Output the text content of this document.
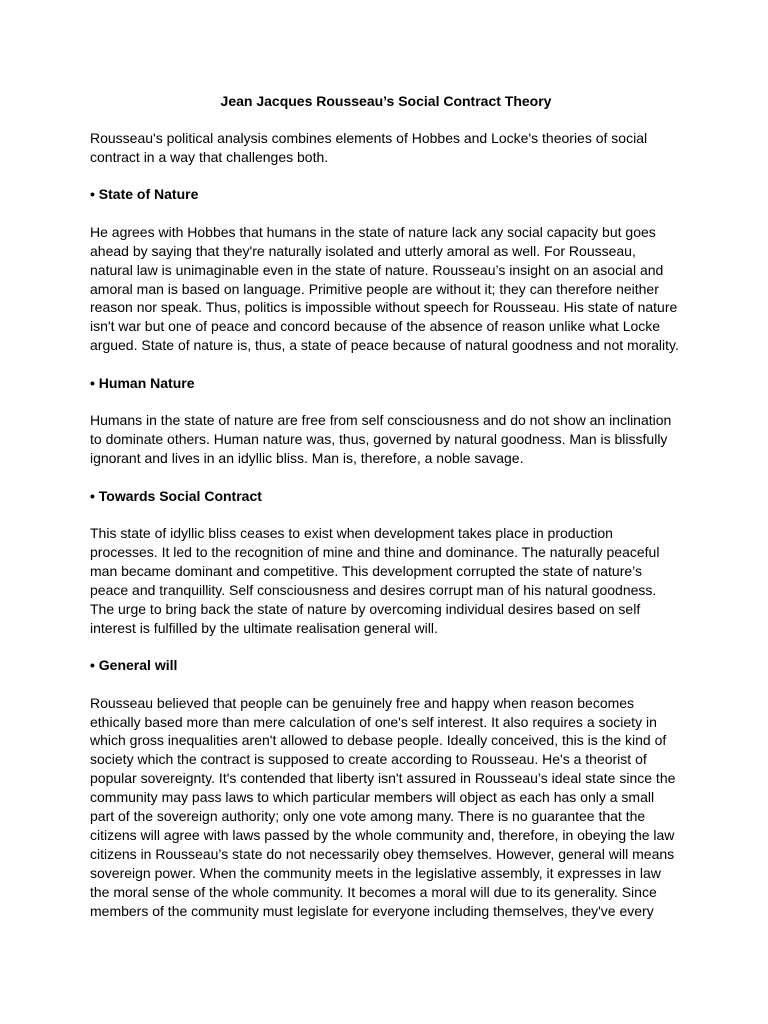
Jean Jacques Rousseau’s Social Contract Theory
Rousseau's political analysis combines elements of Hobbes and Locke's theories of social contract in a way that challenges both.
• State of Nature
He agrees with Hobbes that humans in the state of nature lack any social capacity but goes ahead by saying that they're naturally isolated and utterly amoral as well. For Rousseau, natural law is unimaginable even in the state of nature. Rousseau’s insight on an asocial and amoral man is based on language. Primitive people are without it; they can therefore neither reason nor speak. Thus, politics is impossible without speech for Rousseau. His state of nature isn't war but one of peace and concord because of the absence of reason unlike what Locke argued. State of nature is, thus, a state of peace because of natural goodness and not morality.
• Human Nature
Humans in the state of nature are free from self consciousness and do not show an inclination to dominate others. Human nature was, thus, governed by natural goodness. Man is blissfully ignorant and lives in an idyllic bliss. Man is, therefore, a noble savage.
• Towards Social Contract
This state of idyllic bliss ceases to exist when development takes place in production processes. It led to the recognition of mine and thine and dominance. The naturally peaceful man became dominant and competitive. This development corrupted the state of nature’s peace and tranquillity. Self consciousness and desires corrupt man of his natural goodness. The urge to bring back the state of nature by overcoming individual desires based on self interest is fulfilled by the ultimate realisation general will.
• General will
Rousseau believed that people can be genuinely free and happy when reason becomes ethically based more than mere calculation of one's self interest. It also requires a society in which gross inequalities aren't allowed to debase people. Ideally conceived, this is the kind of society which the contract is supposed to create according to Rousseau. He's a theorist of popular sovereignty. It's contended that liberty isn't assured in Rousseau’s ideal state since the community may pass laws to which particular members will object as each has only a small part of the sovereign authority; only one vote among many. There is no guarantee that the citizens will agree with laws passed by the whole community and, therefore, in obeying the law citizens in Rousseau’s state do not necessarily obey themselves. However, general will means sovereign power. When the community meets in the legislative assembly, it expresses in law the moral sense of the whole community. It becomes a moral will due to its generality. Since members of the community must legislate for everyone including themselves, they've every
